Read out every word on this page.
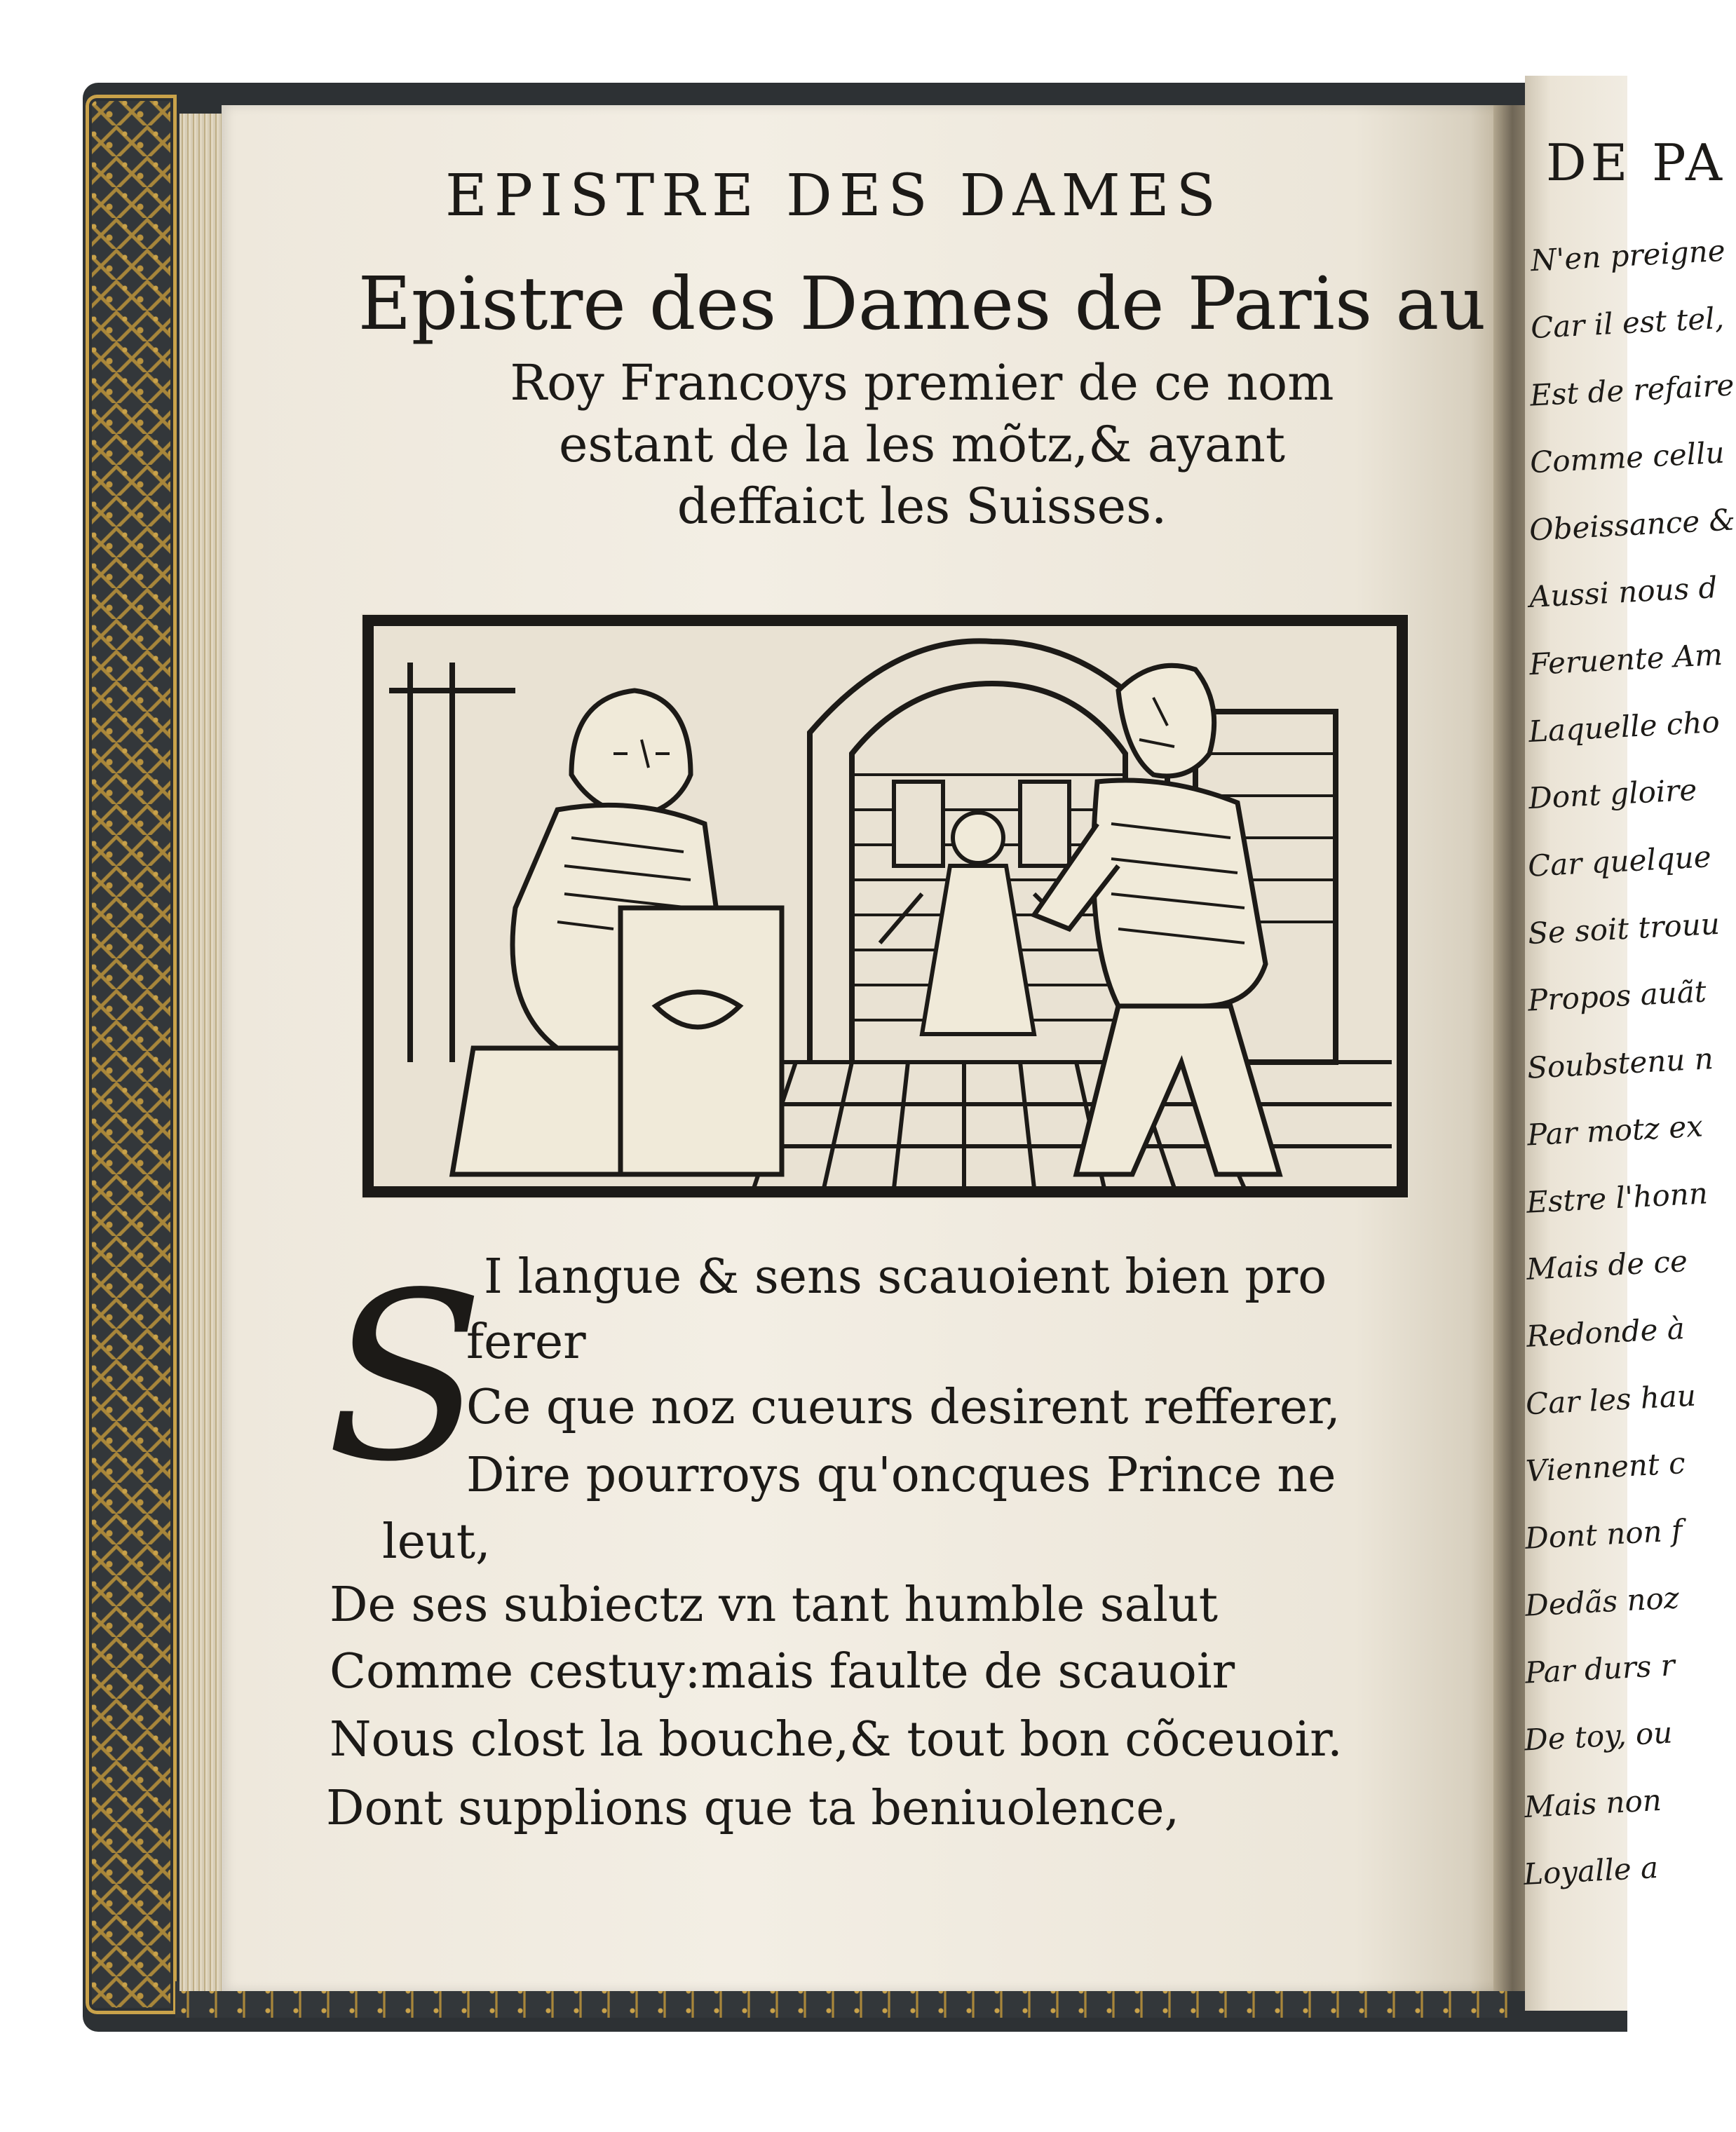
EPISTRE DES DAMES
Epistre des Dames de Paris au
Roy Francoys premier de ce nom
estant de la les mõtz,& ayant
deffaict les Suisses.
S
I langue & sens scauoient bien pro
ferer
Ce que noz cueurs desirent refferer,
Dire pourroys qu'oncques Prince ne
leut,
De ses subiectz vn tant humble salut
Comme cestuy:mais faulte de scauoir
Nous clost la bouche,& tout bon cõceuoir.
Dont supplions que ta beniuolence,
DE PA
N'en preigne
Car il est tel,
Est de refaire
Comme cellu
Obeissance &
Aussi nous d
Feruente Am
Laquelle cho
Dont gloire
Car quelque
Se soit trouu
Propos auãt
Soubstenu n
Par motz ex
Estre l'honn
Mais de ce
Redonde à
Car les hau
Viennent c
Dont non f
Dedãs noz
Par durs r
De toy, ou
Mais non
Loyalle a
